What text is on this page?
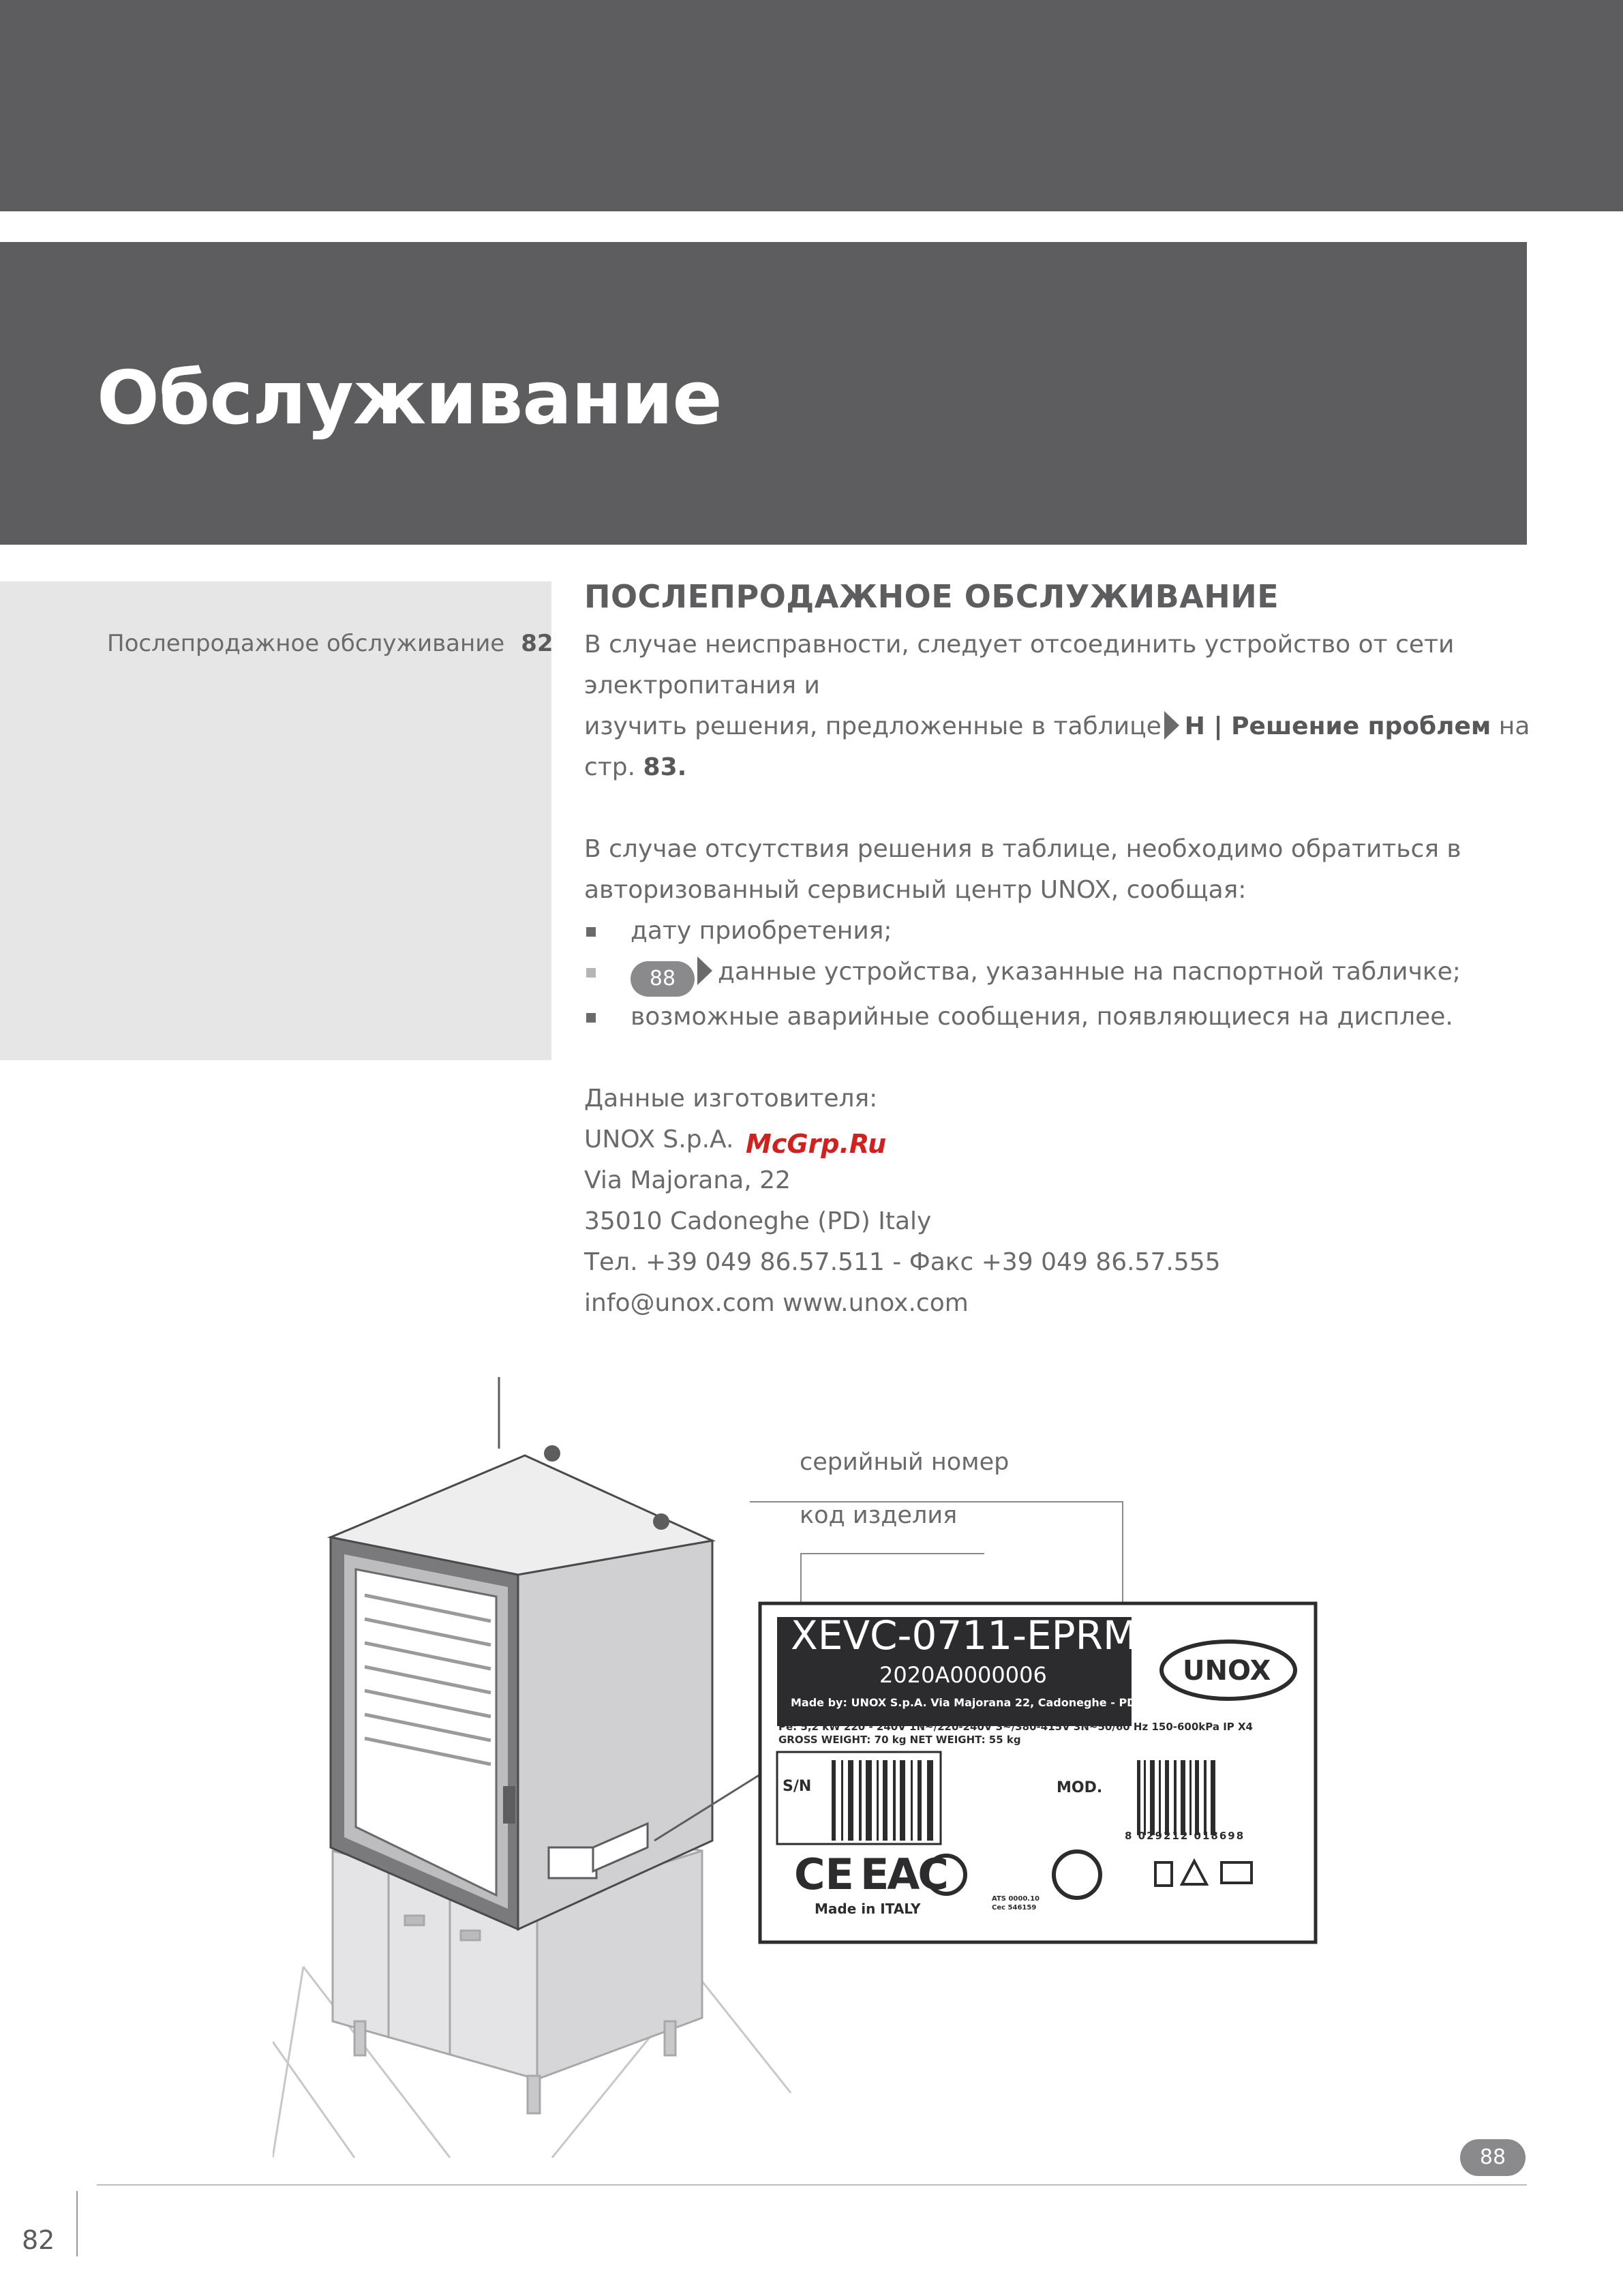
Обслуживание
Послепродажное обслуживание 82
ПОСЛЕПРОДАЖНОЕ ОБСЛУЖИВАНИЕ

В случае неисправности, следует отсоединить устройство от сети электропитания и
изучить решения, предложенные в таблице H | Решение проблем на стр. 83.

В случае отсутствия решения в таблице, необходимо обратиться в
авторизованный сервисный центр UNOX, сообщая:

дату приобретения;
88 данные устройства, указанные на паспортной табличке;
возможные аварийные сообщения, появляющиеся на дисплее.

Данные изготовителя:
UNOX S.p.A.
Via Majorana, 22
35010 Cadoneghe (PD) Italy
Тел. +39 049 86.57.511 - Факс +39 049 86.57.555
info@unox.com www.unox.com

McGrp.Ru
серийный номер
код изделия
XEVC-0711-EPRM
2020A0000006
Made by: UNOX S.p.A. Via Majorana 22, Cadoneghe - PD - ITALY
Pe: 5,2 kW 220 - 240V 1N~/220-240V 3~/380-415V 3N~50/60 Hz 150-600kPa IP X4
GROSS WEIGHT: 70 kg NET WEIGHT: 55 kg
S/N	MOD.
8 029212 018698
UNOX
CE EAC
Made in ITALY
ATS 0000.10
Cec 546159
88
82
